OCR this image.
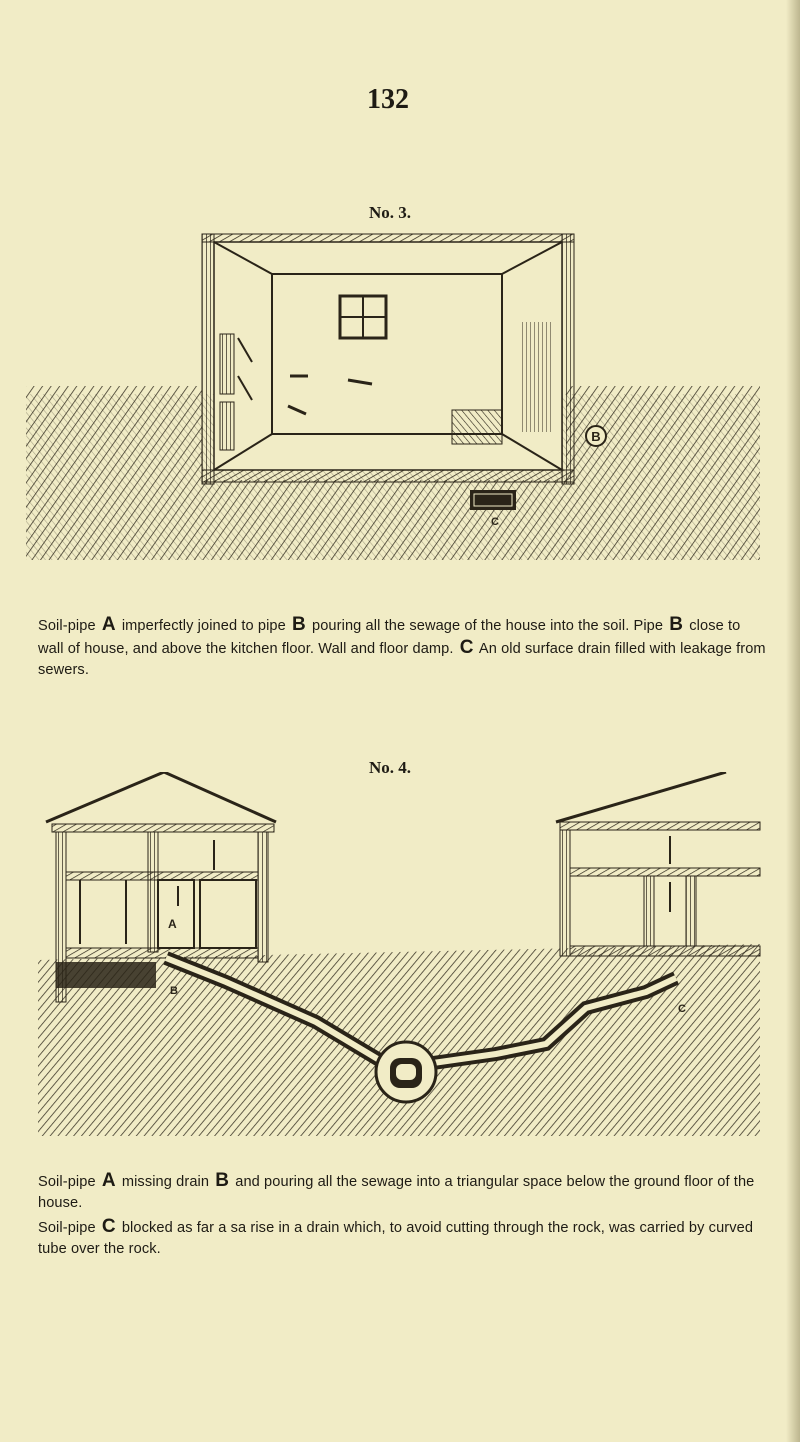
132
No. 3.
B
C
Soil-pipe A imperfectly joined to pipe B pouring all the sewage of the house into the soil. Pipe B close to wall of house, and above the kitchen floor. Wall and floor damp. C An old surface drain filled with leakage from sewers.
No. 4.
A
B
C
Soil-pipe A missing drain B and pouring all the sewage into a triangular space below the ground floor of the house.
Soil-pipe C blocked as far a sa rise in a drain which, to avoid cutting through the rock, was carried by curved tube over the rock.
